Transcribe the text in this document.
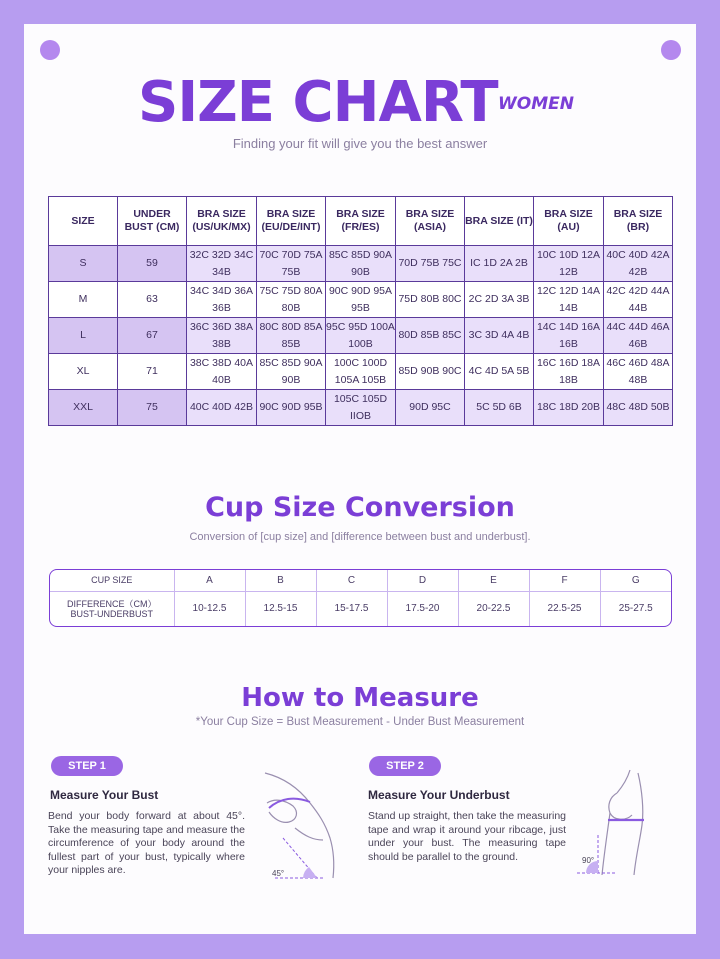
SIZE CHART WOMEN
Finding your fit will give you the best answer
SIZE	UNDER BUST (CM)	BRA SIZE (US/UK/MX)	BRA SIZE (EU/DE/INT)	BRA SIZE (FR/ES)	BRA SIZE (ASIA)	BRA SIZE (IT)	BRA SIZE (AU)	BRA SIZE (BR)
S	59	32C 32D 34C 34B	70C 70D 75A 75B	85C 85D 90A 90B	70D 75B 75C	IC 1D 2A 2B	10C 10D 12A 12B	40C 40D 42A 42B
M	63	34C 34D 36A 36B	75C 75D 80A 80B	90C 90D 95A 95B	75D 80B 80C	2C 2D 3A 3B	12C 12D 14A 14B	42C 42D 44A 44B
L	67	36C 36D 38A 38B	80C 80D 85A 85B	95C 95D 100A 100B	80D 85B 85C	3C 3D 4A 4B	14C 14D 16A 16B	44C 44D 46A 46B
XL	71	38C 38D 40A 40B	85C 85D 90A 90B	100C 100D 105A 105B	85D 90B 90C	4C 4D 5A 5B	16C 16D 18A 18B	46C 46D 48A 48B
XXL	75	40C 40D 42B	90C 90D 95B	105C 105D IIOB	90D 95C	5C 5D 6B	18C 18D 20B	48C 48D 50B
Cup Size Conversion
Conversion of [cup size] and [difference between bust and underbust].
CUP SIZE	A	B	C	D	E	F	G

DIFFERENCE（CM）
BUST-UNDERBUST	10-12.5	12.5-15	15-17.5	17.5-20	20-22.5	22.5-25	25-27.5
How to Measure
*Your Cup Size = Bust Measurement - Under Bust Measurement
STEP 1
Measure Your Bust
Bend your body forward at about 45°. Take the measuring tape and measure the circumference of your body around the fullest part of your bust, typically where your nipples are.	45°
STEP 2
Measure Your Underbust
Stand up straight, then take the measuring tape and wrap it around your ribcage, just under your bust. The measuring tape should be parallel to the ground.	90°
